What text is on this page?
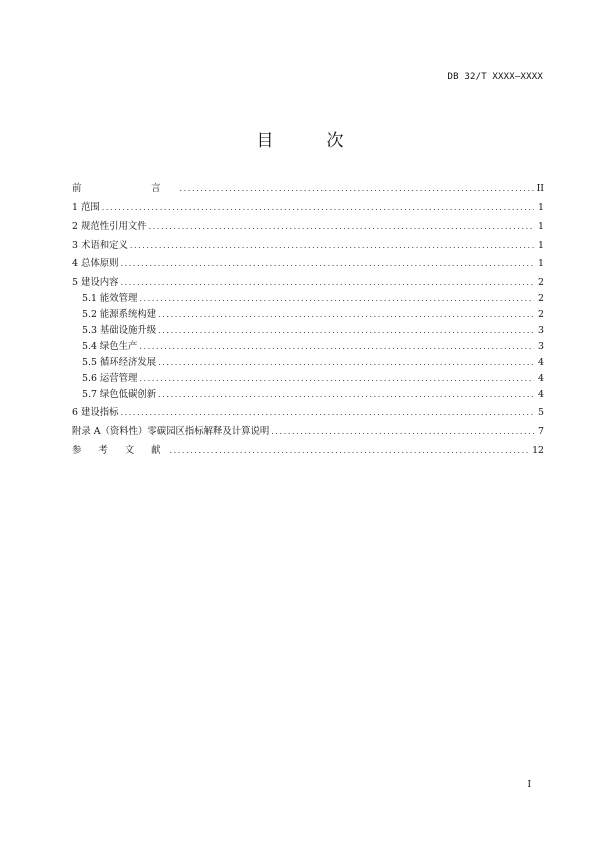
DB 32/T XXXX—XXXX
目　次
前　　言 .....	II
1 范围 .....	1
2 规范性引用文件 .....	1
3 术语和定义 .....	1
4 总体原则 .....	1
5 建设内容 .....	2
5.1 能效管理 .....	2
5.2 能源系统构建 .....	2
5.3 基础设施升级 .....	3
5.4 绿色生产 .....	3
5.5 循环经济发展 .....	4
5.6 运营管理 .....	4
5.7 绿色低碳创新 .....	4
6 建设指标 .....	5
附录 A（资料性）零碳园区指标解释及计算说明 .....	7
参 考 文 献 .....	12
I
